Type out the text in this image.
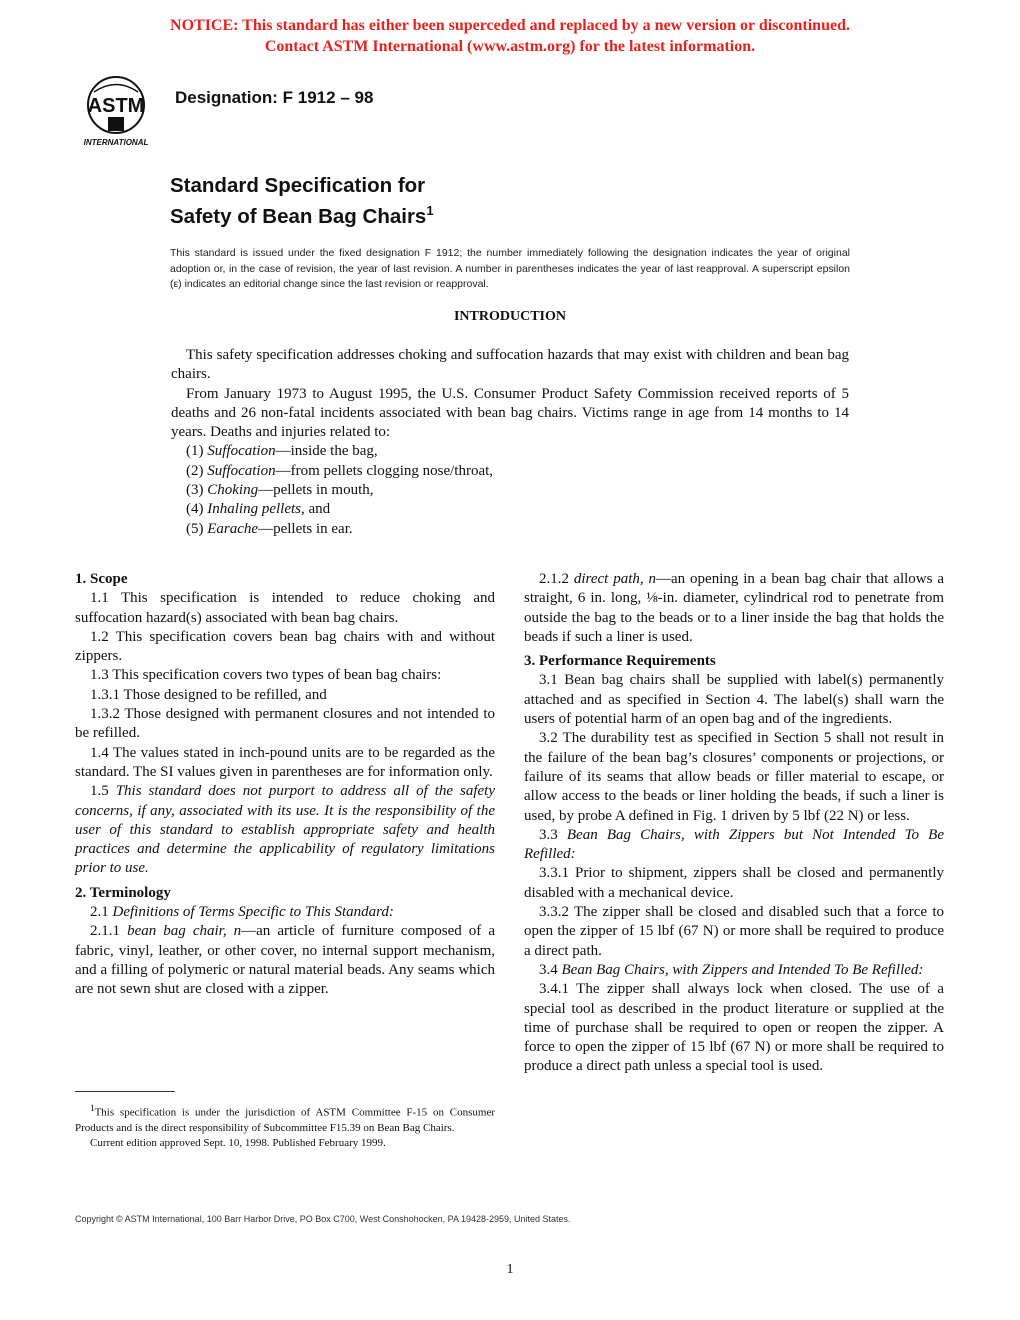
NOTICE: This standard has either been superceded and replaced by a new version or discontinued.
Contact ASTM International (www.astm.org) for the latest information.
ASTM
INTERNATIONAL
Designation: F 1912 – 98
Standard Specification for
Safety of Bean Bag Chairs$^1$
This standard is issued under the fixed designation F 1912; the number immediately following the designation indicates the year of original adoption or, in the case of revision, the year of last revision. A number in parentheses indicates the year of last reapproval. A superscript epsilon (ε) indicates an editorial change since the last revision or reapproval.
INTRODUCTION

This safety specification addresses choking and suffocation hazards that may exist with children and bean bag chairs.

From January 1973 to August 1995, the U.S. Consumer Product Safety Commission received reports of 5 deaths and 26 non-fatal incidents associated with bean bag chairs. Victims range in age from 14 months to 14 years. Deaths and injuries related to:

(1) Suffocation—inside the bag,
(2) Suffocation—from pellets clogging nose/throat,
(3) Choking—pellets in mouth,
(4) Inhaling pellets, and
(5) Earache—pellets in ear.
1. Scope

1.1 This specification is intended to reduce choking and suffocation hazard(s) associated with bean bag chairs.

1.2 This specification covers bean bag chairs with and without zippers.

1.3 This specification covers two types of bean bag chairs:

1.3.1 Those designed to be refilled, and

1.3.2 Those designed with permanent closures and not intended to be refilled.

1.4 The values stated in inch-pound units are to be regarded as the standard. The SI values given in parentheses are for information only.

1.5 This standard does not purport to address all of the safety concerns, if any, associated with its use. It is the responsibility of the user of this standard to establish appropriate safety and health practices and determine the applicability of regulatory limitations prior to use.

2. Terminology

2.1 Definitions of Terms Specific to This Standard:

2.1.1 bean bag chair, n—an article of furniture composed of a fabric, vinyl, leather, or other cover, no internal support mechanism, and a filling of polymeric or natural material beads. Any seams which are not sewn shut are closed with a zipper.

$^1$This specification is under the jurisdiction of ASTM Committee F-15 on Consumer Products and is the direct responsibility of Subcommittee F15.39 on Bean Bag Chairs.

Current edition approved Sept. 10, 1998. Published February 1999.

2.1.2 direct path, n—an opening in a bean bag chair that allows a straight, 6 in. long, ⅛-in. diameter, cylindrical rod to penetrate from outside the bag to the beads or to a liner inside the bag that holds the beads if such a liner is used.

3. Performance Requirements

3.1 Bean bag chairs shall be supplied with label(s) permanently attached and as specified in Section 4. The label(s) shall warn the users of potential harm of an open bag and of the ingredients.

3.2 The durability test as specified in Section 5 shall not result in the failure of the bean bag’s closures’ components or projections, or failure of its seams that allow beads or filler material to escape, or allow access to the beads or liner holding the beads, if such a liner is used, by probe A defined in Fig. 1 driven by 5 lbf (22 N) or less.

3.3 Bean Bag Chairs, with Zippers but Not Intended To Be Refilled:

3.3.1 Prior to shipment, zippers shall be closed and permanently disabled with a mechanical device.

3.3.2 The zipper shall be closed and disabled such that a force to open the zipper of 15 lbf (67 N) or more shall be required to produce a direct path.

3.4 Bean Bag Chairs, with Zippers and Intended To Be Refilled:

3.4.1 The zipper shall always lock when closed. The use of a special tool as described in the product literature or supplied at the time of purchase shall be required to open or reopen the zipper. A force to open the zipper of 15 lbf (67 N) or more shall be required to produce a direct path unless a special tool is used.

Copyright © ASTM International, 100 Barr Harbor Drive, PO Box C700, West Conshohocken, PA 19428-2959, United States.
1
